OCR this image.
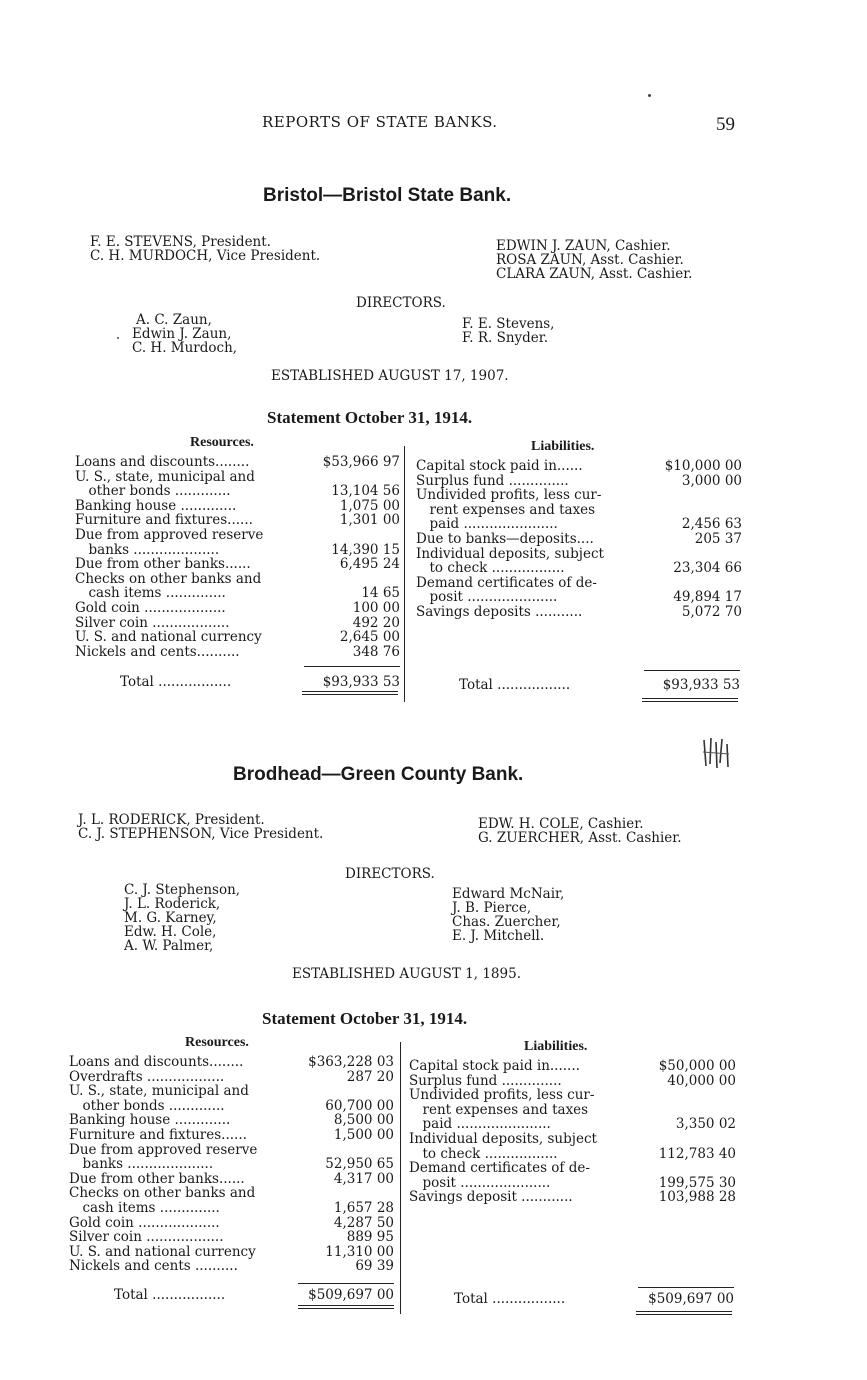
REPORTS OF STATE BANKS.	59
Bristol—Bristol State Bank.
F. E. STEVENS, President.
C. H. MURDOCH, Vice President.
EDWIN J. ZAUN, Cashier.
ROSA ZAUN, Asst. Cashier.
CLARA ZAUN, Asst. Cashier.
DIRECTORS.
A. C. Zaun,
Edwin J. Zaun,
C. H. Murdoch,
F. E. Stevens,
F. R. Snyder.
ESTABLISHED AUGUST 17, 1907.
Statement October 31, 1914.
Resources.	Liabilities.
Loans and discounts........	$53,966 97
U. S., state, municipal and
  other bonds .............	13,104 56
Banking house .............	1,075 00
Furniture and fixtures......	1,301 00
Due from approved reserve
  banks ....................	14,390 15
Due from other banks......	6,495 24
Checks on other banks and
  cash items ..............	14 65
Gold coin ...................	100 00
Silver coin ..................	492 20
U. S. and national currency	2,645 00
Nickels and cents..........	348 76
Capital stock paid in......	$10,000 00
Surplus fund ..............	3,000 00
Undivided profits, less cur-
  rent expenses and taxes
  paid ......................	2,456 63
Due to banks—deposits....	205 37
Individual deposits, subject
  to check .................	23,304 66
Demand certificates of de-
  posit .....................	49,894 17
Savings deposits ...........	5,072 70
Total .................	$93,933 53	Total .................	$93,933 53
Brodhead—Green County Bank.
J. L. RODERICK, President.
C. J. STEPHENSON, Vice President.
EDW. H. COLE, Cashier.
G. ZUERCHER, Asst. Cashier.
DIRECTORS.
C. J. Stephenson,
J. L. Roderick,
M. G. Karney,
Edw. H. Cole,
A. W. Palmer,
Edward McNair,
J. B. Pierce,
Chas. Zuercher,
E. J. Mitchell.
ESTABLISHED AUGUST 1, 1895.
Statement October 31, 1914.
Resources.	Liabilities.
Loans and discounts........	$363,228 03
Overdrafts ..................	287 20
U. S., state, municipal and
  other bonds .............	60,700 00
Banking house .............	8,500 00
Furniture and fixtures......	1,500 00
Due from approved reserve
  banks ....................	52,950 65
Due from other banks......	4,317 00
Checks on other banks and
  cash items ..............	1,657 28
Gold coin ...................	4,287 50
Silver coin ..................	889 95
U. S. and national currency	11,310 00
Nickels and cents ..........	69 39
Capital stock paid in.......	$50,000 00
Surplus fund ..............	40,000 00
Undivided profits, less cur-
  rent expenses and taxes
  paid ......................	3,350 02
Individual deposits, subject
  to check .................	112,783 40
Demand certificates of de-
  posit .....................	199,575 30
Savings deposit ............	103,988 28
Total .................	$509,697 00	Total .................	$509,697 00
